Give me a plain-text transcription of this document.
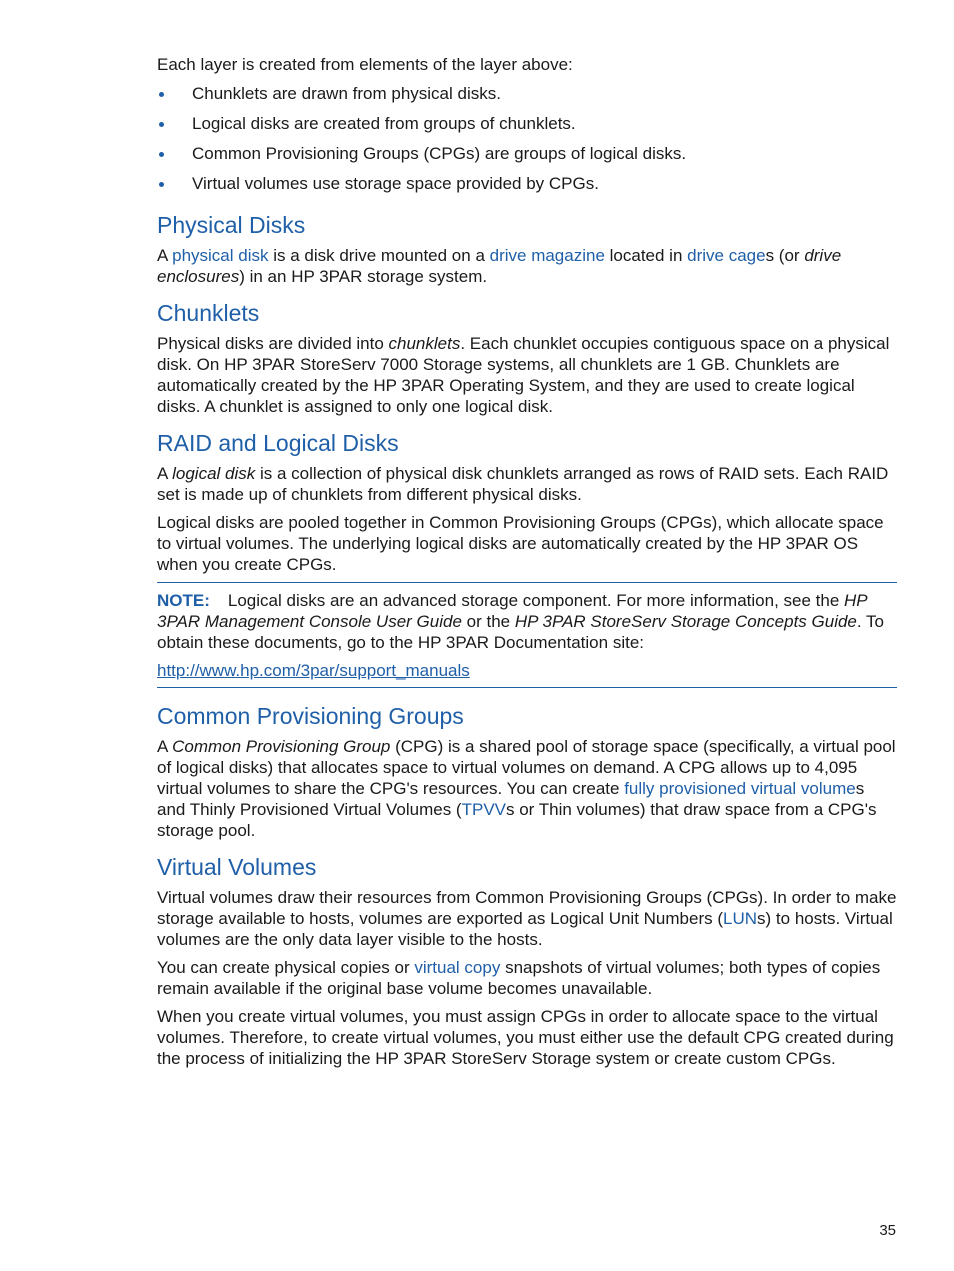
Each layer is created from elements of the layer above:

Chunklets are drawn from physical disks.
Logical disks are created from groups of chunklets.
Common Provisioning Groups (CPGs) are groups of logical disks.
Virtual volumes use storage space provided by CPGs.
Physical Disks

A physical disk is a disk drive mounted on a drive magazine located in drive cages (or drive enclosures) in an HP 3PAR storage system.

Chunklets

Physical disks are divided into chunklets. Each chunklet occupies contiguous space on a physical disk. On HP 3PAR StoreServ 7000 Storage systems, all chunklets are 1 GB. Chunklets are automatically created by the HP 3PAR Operating System, and they are used to create logical disks. A chunklet is assigned to only one logical disk.

RAID and Logical Disks

A logical disk is a collection of physical disk chunklets arranged as rows of RAID sets. Each RAID set is made up of chunklets from different physical disks.

Logical disks are pooled together in Common Provisioning Groups (CPGs), which allocate space to virtual volumes. The underlying logical disks are automatically created by the HP 3PAR OS when you create CPGs.

NOTE: Logical disks are an advanced storage component. For more information, see the HP 3PAR Management Console User Guide or the HP 3PAR StoreServ Storage Concepts Guide. To obtain these documents, go to the HP 3PAR Documentation site:

http://www.hp.com/3par/support_manuals

Common Provisioning Groups

A Common Provisioning Group (CPG) is a shared pool of storage space (specifically, a virtual pool of logical disks) that allocates space to virtual volumes on demand. A CPG allows up to 4,095 virtual volumes to share the CPG's resources. You can create fully provisioned virtual volumes and Thinly Provisioned Virtual Volumes (TPVVs or Thin volumes) that draw space from a CPG's storage pool.

Virtual Volumes

Virtual volumes draw their resources from Common Provisioning Groups (CPGs). In order to make storage available to hosts, volumes are exported as Logical Unit Numbers (LUNs) to hosts. Virtual volumes are the only data layer visible to the hosts.

You can create physical copies or virtual copy snapshots of virtual volumes; both types of copies remain available if the original base volume becomes unavailable.

When you create virtual volumes, you must assign CPGs in order to allocate space to the virtual volumes. Therefore, to create virtual volumes, you must either use the default CPG created during the process of initializing the HP 3PAR StoreServ Storage system or create custom CPGs.

35
